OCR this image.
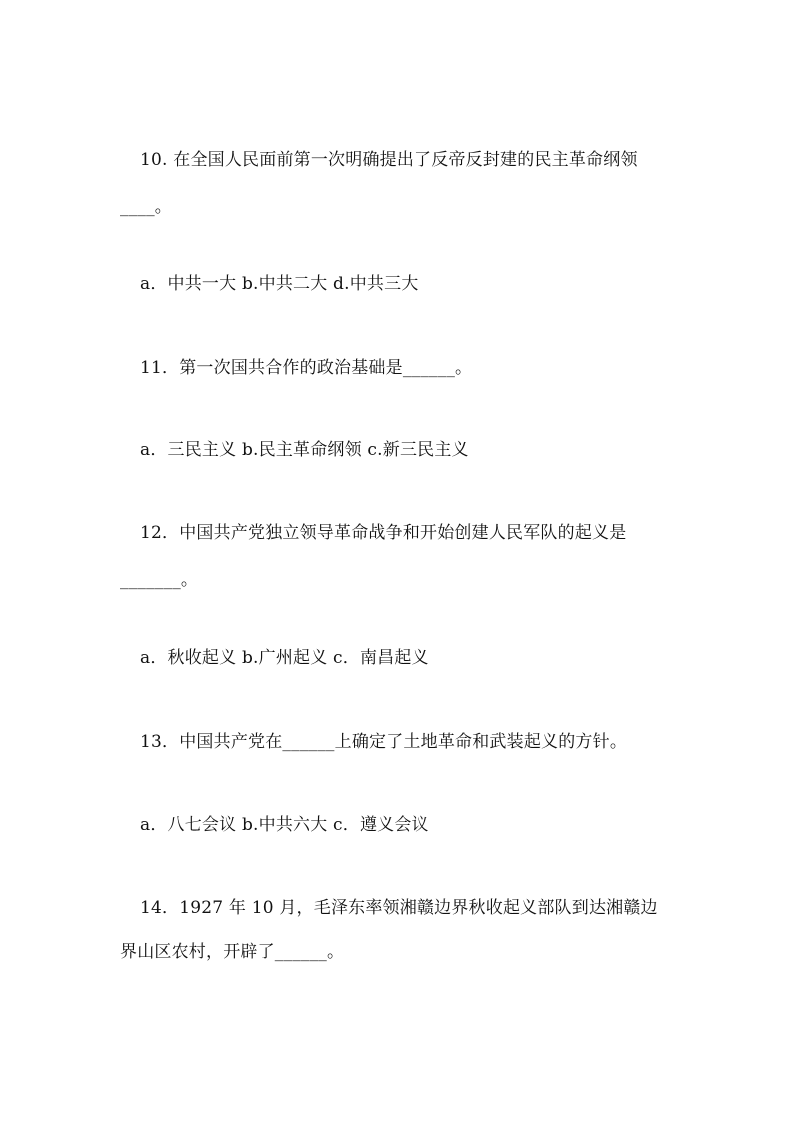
10. 在全国人民面前第一次明确提出了反帝反封建的民主革命纲领
____。
a．中共一大 b.中共二大 d.中共三大
11．第一次国共合作的政治基础是______。
a．三民主义 b.民主革命纲领 c.新三民主义
12．中国共产党独立领导革命战争和开始创建人民军队的起义是
_______。
a．秋收起义 b.广州起义 c．南昌起义
13．中国共产党在______上确定了土地革命和武装起义的方针。
a．八七会议 b.中共六大 c．遵义会议
14．1927 年 10 月，毛泽东率领湘赣边界秋收起义部队到达湘赣边
界山区农村，开辟了______。
